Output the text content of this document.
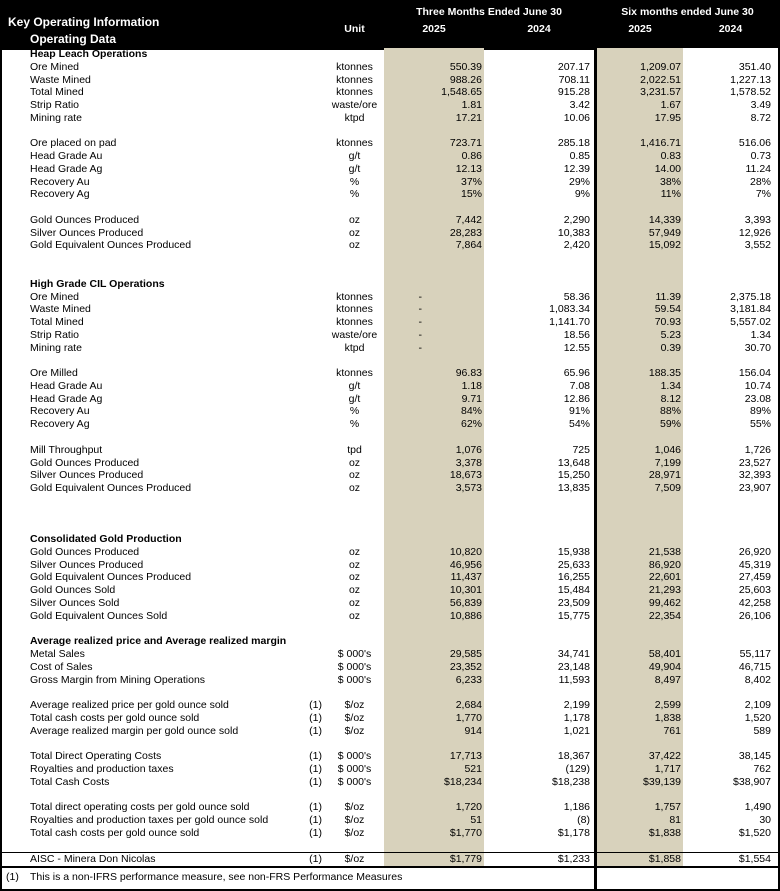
Key Operating Information
Operating Data
Unit
Three Months Ended June 30	Six months ended June 30
2025	2024	2025	2024
Heap Leach Operations
Ore Mined	ktonnes	550.39	207.17	1,209.07	351.40
Waste Mined	ktonnes	988.26	708.11	2,022.51	1,227.13
Total Mined	ktonnes	1,548.65	915.28	3,231.57	1,578.52
Strip Ratio	waste/ore	1.81	3.42	1.67	3.49
Mining rate	ktpd	17.21	10.06	17.95	8.72
Ore placed on pad	ktonnes	723.71	285.18	1,416.71	516.06
Head Grade Au	g/t	0.86	0.85	0.83	0.73
Head Grade Ag	g/t	12.13	12.39	14.00	11.24
Recovery Au	%	37%	29%	38%	28%
Recovery Ag	%	15%	9%	11%	7%
Gold Ounces Produced	oz	7,442	2,290	14,339	3,393
Silver Ounces Produced	oz	28,283	10,383	57,949	12,926
Gold Equivalent Ounces Produced	oz	7,864	2,420	15,092	3,552
High Grade CIL Operations
Ore Mined	ktonnes	-	58.36	11.39	2,375.18
Waste Mined	ktonnes	-	1,083.34	59.54	3,181.84
Total Mined	ktonnes	-	1,141.70	70.93	5,557.02
Strip Ratio	waste/ore	-	18.56	5.23	1.34
Mining rate	ktpd	-	12.55	0.39	30.70
Ore Milled	ktonnes	96.83	65.96	188.35	156.04
Head Grade Au	g/t	1.18	7.08	1.34	10.74
Head Grade Ag	g/t	9.71	12.86	8.12	23.08
Recovery Au	%	84%	91%	88%	89%
Recovery Ag	%	62%	54%	59%	55%
Mill Throughput	tpd	1,076	725	1,046	1,726
Gold Ounces Produced	oz	3,378	13,648	7,199	23,527
Silver Ounces Produced	oz	18,673	15,250	28,971	32,393
Gold Equivalent Ounces Produced	oz	3,573	13,835	7,509	23,907
Consolidated Gold Production
Gold Ounces Produced	oz	10,820	15,938	21,538	26,920
Silver Ounces Produced	oz	46,956	25,633	86,920	45,319
Gold Equivalent Ounces Produced	oz	11,437	16,255	22,601	27,459
Gold Ounces Sold	oz	10,301	15,484	21,293	25,603
Silver Ounces Sold	oz	56,839	23,509	99,462	42,258
Gold Equivalent Ounces Sold	oz	10,886	15,775	22,354	26,106
Average realized price and Average realized margin
Metal Sales	$ 000's	29,585	34,741	58,401	55,117
Cost of Sales	$ 000's	23,352	23,148	49,904	46,715
Gross Margin from Mining Operations	$ 000's	6,233	11,593	8,497	8,402
Average realized price per gold ounce sold	(1)	$/oz	2,684	2,199	2,599	2,109
Total cash costs per gold ounce sold	(1)	$/oz	1,770	1,178	1,838	1,520
Average realized margin per gold ounce sold	(1)	$/oz	914	1,021	761	589
Total Direct Operating Costs	(1)	$ 000's	17,713	18,367	37,422	38,145
Royalties and production taxes	(1)	$ 000's	521	(129)	1,717	762
Total Cash Costs	(1)	$ 000's	$18,234	$18,238	$39,139	$38,907
Total direct operating costs per gold ounce sold	(1)	$/oz	1,720	1,186	1,757	1,490
Royalties and production taxes per gold ounce sold	(1)	$/oz	51	(8)	81	30
Total cash costs per gold ounce sold	(1)	$/oz	$1,770	$1,178	$1,838	$1,520
AISC - Minera Don Nicolas	(1)	$/oz	$1,779	$1,233	$1,858	$1,554
(1)	This is a non-IFRS performance measure, see non-FRS Performance Measures
